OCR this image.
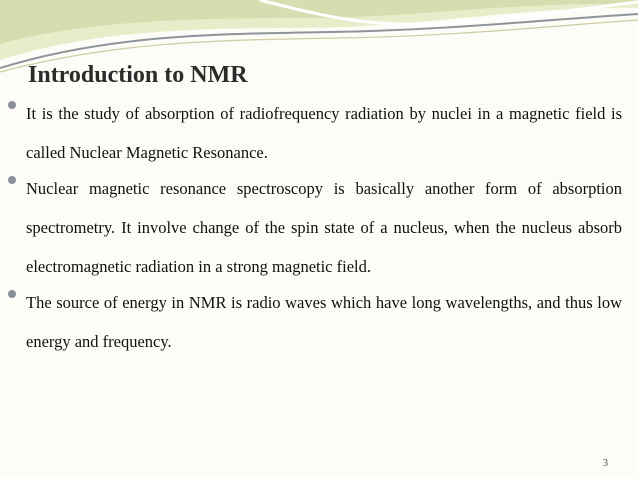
Introduction to NMR
It is the study of absorption of radiofrequency radiation by nuclei in a magnetic field is called Nuclear Magnetic Resonance.
Nuclear magnetic resonance spectroscopy is basically another form of absorption spectrometry. It involve change of the spin state of a nucleus, when the nucleus absorb electromagnetic radiation in a strong magnetic field.
The source of energy in NMR is radio waves which have long wavelengths, and thus low energy and frequency.
3
